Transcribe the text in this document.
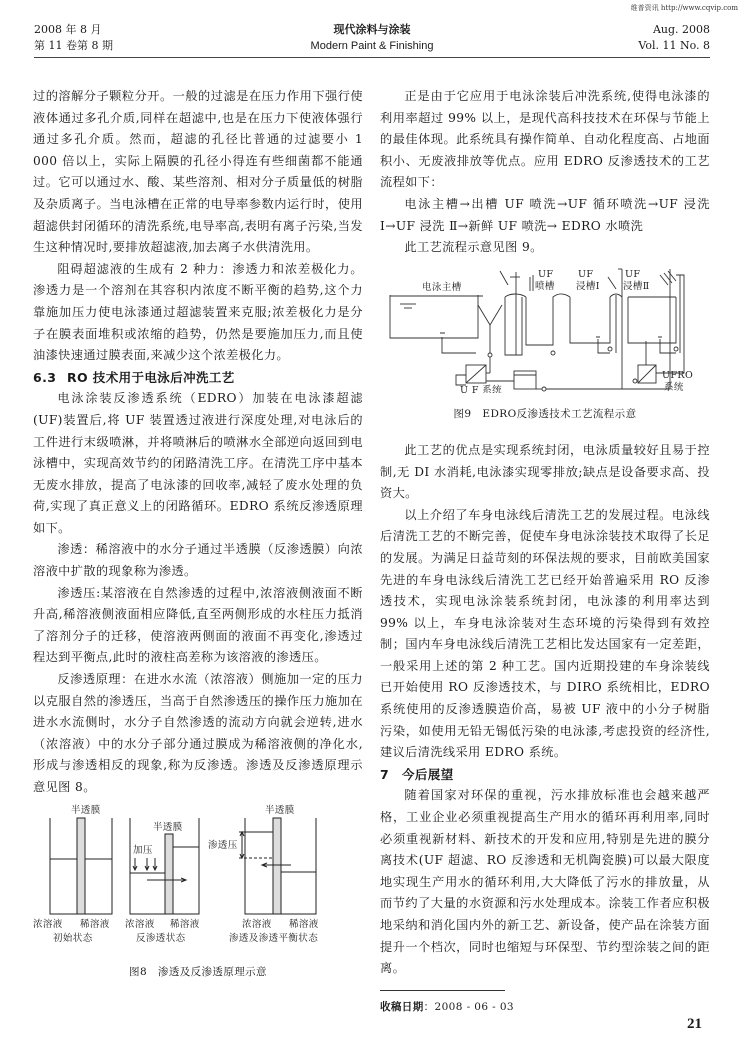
维普资讯 http://www.cqvip.com
2008 年 8 月
第 11 卷第 8 期
现代涂料与涂装
Modern Paint & Finishing
Aug. 2008
Vol. 11 No. 8

过的溶解分子颗粒分开。一般的过滤是在压力作用下强行使液体通过多孔介质,同样在超滤中,也是在压力下使液体强行通过多孔介质。然而，超滤的孔径比普通的过滤要小 1 000 倍以上，实际上隔膜的孔径小得连有些细菌都不能通过。它可以通过水、酸、某些溶剂、相对分子质量低的树脂及杂质离子。当电泳槽在正常的电导率参数内运行时，使用超滤供封闭循环的清洗系统,电导率高,表明有离子污染,当发生这种情况时,要排放超滤液,加去离子水供清洗用。

阻碍超滤液的生成有 2 种力：渗透力和浓差极化力。渗透力是一个溶剂在其容积内浓度不断平衡的趋势,这个力靠施加压力使电泳漆通过超滤装置来克服;浓差极化力是分子在膜表面堆积或浓缩的趋势，仍然是要施加压力,而且使油漆快速通过膜表面,来减少这个浓差极化力。

6.3 RO 技术用于电泳后冲洗工艺

电泳涂装反渗透系统（EDRO）加装在电泳漆超滤(UF)装置后,将 UF 装置透过液进行深度处理,对电泳后的工件进行末级喷淋，并将喷淋后的喷淋水全部逆向返回到电泳槽中，实现高效节约的闭路清洗工序。在清洗工序中基本无废水排放，提高了电泳漆的回收率,减轻了废水处理的负荷,实现了真正意义上的闭路循环。EDRO 系统反渗透原理如下。

渗透：稀溶液中的水分子通过半透膜（反渗透膜）向浓溶液中扩散的现象称为渗透。

渗透压:某溶液在自然渗透的过程中,浓溶液侧液面不断升高,稀溶液侧液面相应降低,直至两侧形成的水柱压力抵消了溶剂分子的迁移，使溶液两侧面的液面不再变化,渗透过程达到平衡点,此时的液柱高差称为该溶液的渗透压。

反渗透原理：在进水水流（浓溶液）侧施加一定的压力以克服自然的渗透压，当高于自然渗透压的操作压力施加在进水水流侧时，水分子自然渗透的流动方向就会逆转,进水（浓溶液）中的水分子部分通过膜成为稀溶液侧的净化水,形成与渗透相反的现象,称为反渗透。渗透及反渗透原理示意见图 8。

半透膜
半透膜
半透膜
加压	渗透压
浓溶液 稀溶液 浓溶液 稀溶液	浓溶液 稀溶液
初始状态	反渗透状态	渗透及渗透平衡状态
图8　渗透及反渗透原理示意

正是由于它应用于电泳涂装后冲洗系统,使得电泳漆的利用率超过 99% 以上，是现代高科技技术在环保与节能上的最佳体现。此系统具有操作简单、自动化程度高、占地面积小、无废液排放等优点。应用 EDRO 反渗透技术的工艺流程如下：

电泳主槽→出槽 UF 喷洗→UF 循环喷洗→UF 浸洗 Ⅰ→UF 浸洗 Ⅱ→新鲜 UF 喷洗→ EDRO 水喷洗

此工艺流程示意见图 9。

电泳主槽
UF
喷槽
UF
浸槽Ⅰ
UF
浸槽Ⅱ
U F 系统
UFRO
系统
图9　EDRO反渗透技术工艺流程示意

此工艺的优点是实现系统封闭，电泳质量较好且易于控制,无 DI 水消耗,电泳漆实现零排放;缺点是设备要求高、投资大。

以上介绍了车身电泳线后清洗工艺的发展过程。电泳线后清洗工艺的不断完善，促使车身电泳涂装技术取得了长足的发展。为满足日益苛刻的环保法规的要求，目前欧美国家先进的车身电泳线后清洗工艺已经开始普遍采用 RO 反渗透技术，实现电泳涂装系统封闭，电泳漆的利用率达到 99% 以上，车身电泳涂装对生态环境的污染得到有效控制；国内车身电泳线后清洗工艺相比发达国家有一定差距，一般采用上述的第 2 种工艺。国内近期投建的车身涂装线已开始使用 RO 反渗透技术，与 DIRO 系统相比，EDRO 系统使用的反渗透膜造价高，易被 UF 液中的小分子树脂污染，如使用无铅无锡低污染的电泳漆,考虑投资的经济性,建议后清洗线采用 EDRO 系统。

7 今后展望

随着国家对环保的重视，污水排放标准也会越来越严格，工业企业必须重视提高生产用水的循环再利用率,同时必须重视新材料、新技术的开发和应用,特别是先进的膜分离技术(UF 超滤、RO 反渗透和无机陶瓷膜)可以最大限度地实现生产用水的循环利用,大大降低了污水的排放量，从而节约了大量的水资源和污水处理成本。涂装工作者应积极地采纳和消化国内外的新工艺、新设备，使产品在涂装方面提升一个档次，同时也缩短与环保型、节约型涂装之间的距离。

收稿日期：2008 - 06 - 03
21
